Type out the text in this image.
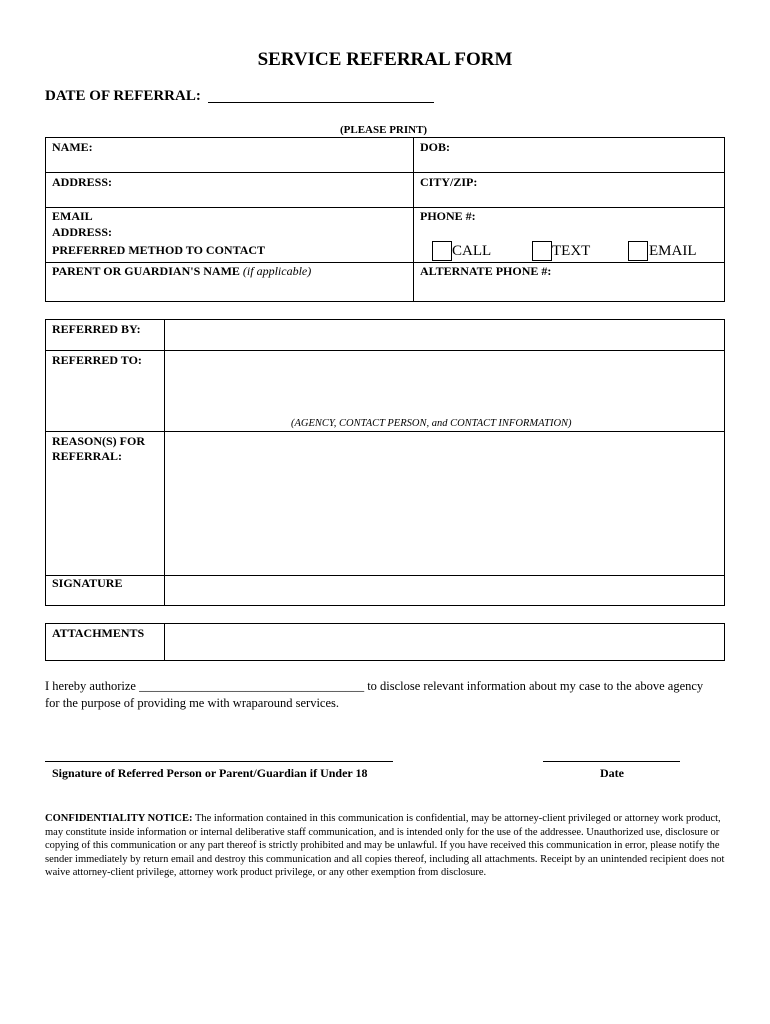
SERVICE REFERRAL FORM
DATE OF REFERRAL:
(PLEASE PRINT)
NAME:	DOB:
ADDRESS:	CITY/ZIP:
EMAIL
ADDRESS:
PHONE #:
PREFERRED METHOD TO CONTACT	CALL	TEXT	EMAIL
PARENT OR GUARDIAN'S NAME (if applicable)	ALTERNATE PHONE #:
REFERRED BY:
REFERRED TO:
(AGENCY, CONTACT PERSON, and CONTACT INFORMATION)
REASON(S) FOR
REFERRAL:
SIGNATURE
ATTACHMENTS
I hereby authorize ____________________________________ to disclose relevant information about my case to the above agency
for the purpose of providing me with wraparound services.
Signature of Referred Person or Parent/Guardian if Under 18	Date
CONFIDENTIALITY NOTICE: The information contained in this communication is confidential, may be attorney-client privileged or attorney work product, may constitute inside information or internal deliberative staff communication, and is intended only for the use of the addressee. Unauthorized use, disclosure or copying of this communication or any part thereof is strictly prohibited and may be unlawful. If you have received this communication in error, please notify the sender immediately by return email and destroy this communication and all copies thereof, including all attachments. Receipt by an unintended recipient does not waive attorney-client privilege, attorney work product privilege, or any other exemption from disclosure.
